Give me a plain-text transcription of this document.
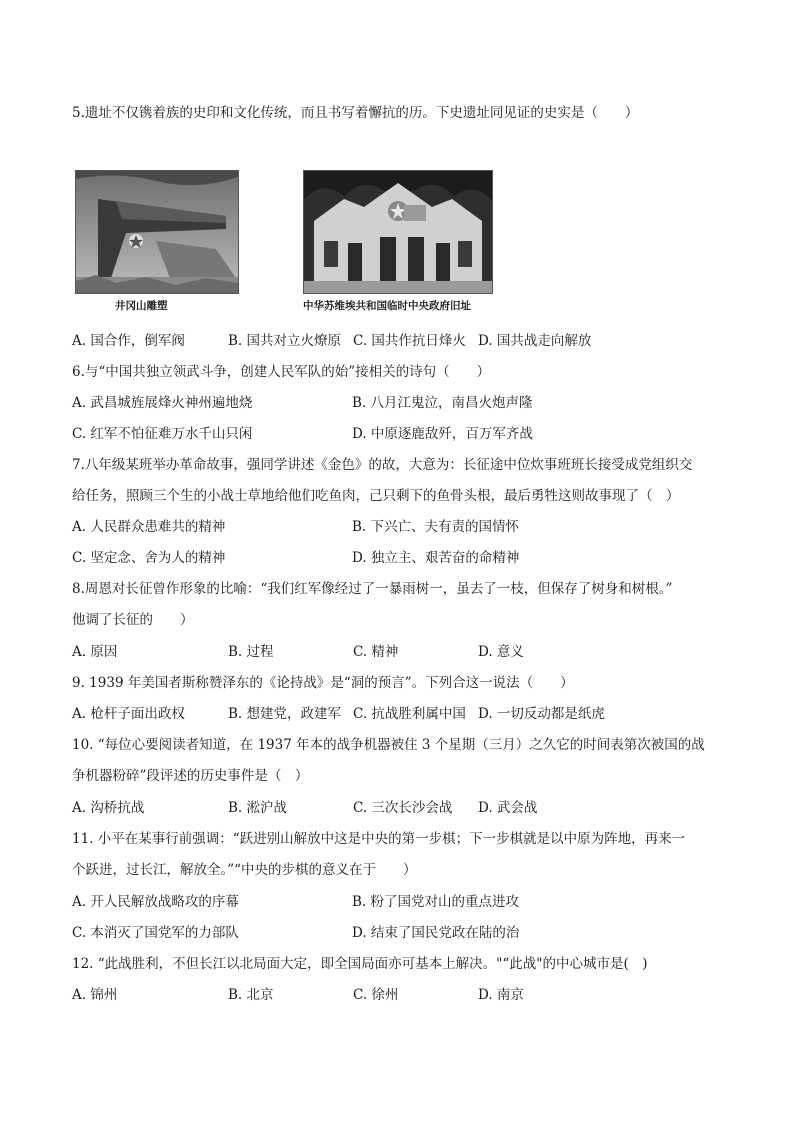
5.遗址不仅镌着族的史印和文化传统，而且书写着懈抗的历。下史遗址同见证的史实是（　　）
井冈山雕塑	中华苏维埃共和国临时中央政府旧址
A. 国合作，倒军阀	B. 国共对立火燎原 C. 国共作抗日烽火 D. 国共战走向解放
6.与“中国共独立领武斗争，创建人民军队的始”接相关的诗句（　　）
A. 武昌城旌展烽火神州遍地烧	B. 八月江鬼泣，南昌火炮声隆
C. 红军不怕征难万水千山只闲	D. 中原逐鹿敌歼，百万军齐战
7.八年级某班举办革命故事，强同学讲述《金色》的故，大意为：长征途中位炊事班班长接受成党组织交
给任务，照顾三个生的小战士草地给他们吃鱼肉，己只剩下的鱼骨头根，最后勇牲这则故事现了（　）
A. 人民群众患难共的精神	B. 下兴亡、夫有责的国情怀
C. 坚定念、舍为人的精神	D. 独立主、艰苦奋的命精神
8.周恩对长征曾作形象的比喻：“我们红军像经过了一暴雨树一，虽去了一枝，但保存了树身和树根。”
他调了长征的　　）
A. 原因	B. 过程	C. 精神	D. 意义
9. 1939 年美国者斯称赞泽东的《论持战》是“洞的预言”。下列合这一说法（　　）
A. 枪杆子面出政权	B. 想建党，政建军 C. 抗战胜利属中国 D. 一切反动都是纸虎
10. “每位心要阅读者知道，在 1937 年本的战争机器被住 3 个星期（三月）之久它的时间表第次被国的战
争机器粉碎”段评述的历史事件是（　）
A. 沟桥抗战	B. 淞沪战	C. 三次长沙会战 D. 武会战
11. 小平在某事行前强调：“跃进别山解放中这是中央的第一步棋；下一步棋就是以中原为阵地，再来一
个跃进，过长江，解放全。”“中央的步棋的意义在于　　）
A. 开人民解放战略攻的序幕	B. 粉了国党对山的重点进攻
C. 本消灭了国党军的力部队	D. 结束了国民党政在陆的治
12. “此战胜利，不但长江以北局面大定，即全国局面亦可基本上解决。"“此战"的中心城市是(　)
A. 锦州	B. 北京	C. 徐州	D. 南京
